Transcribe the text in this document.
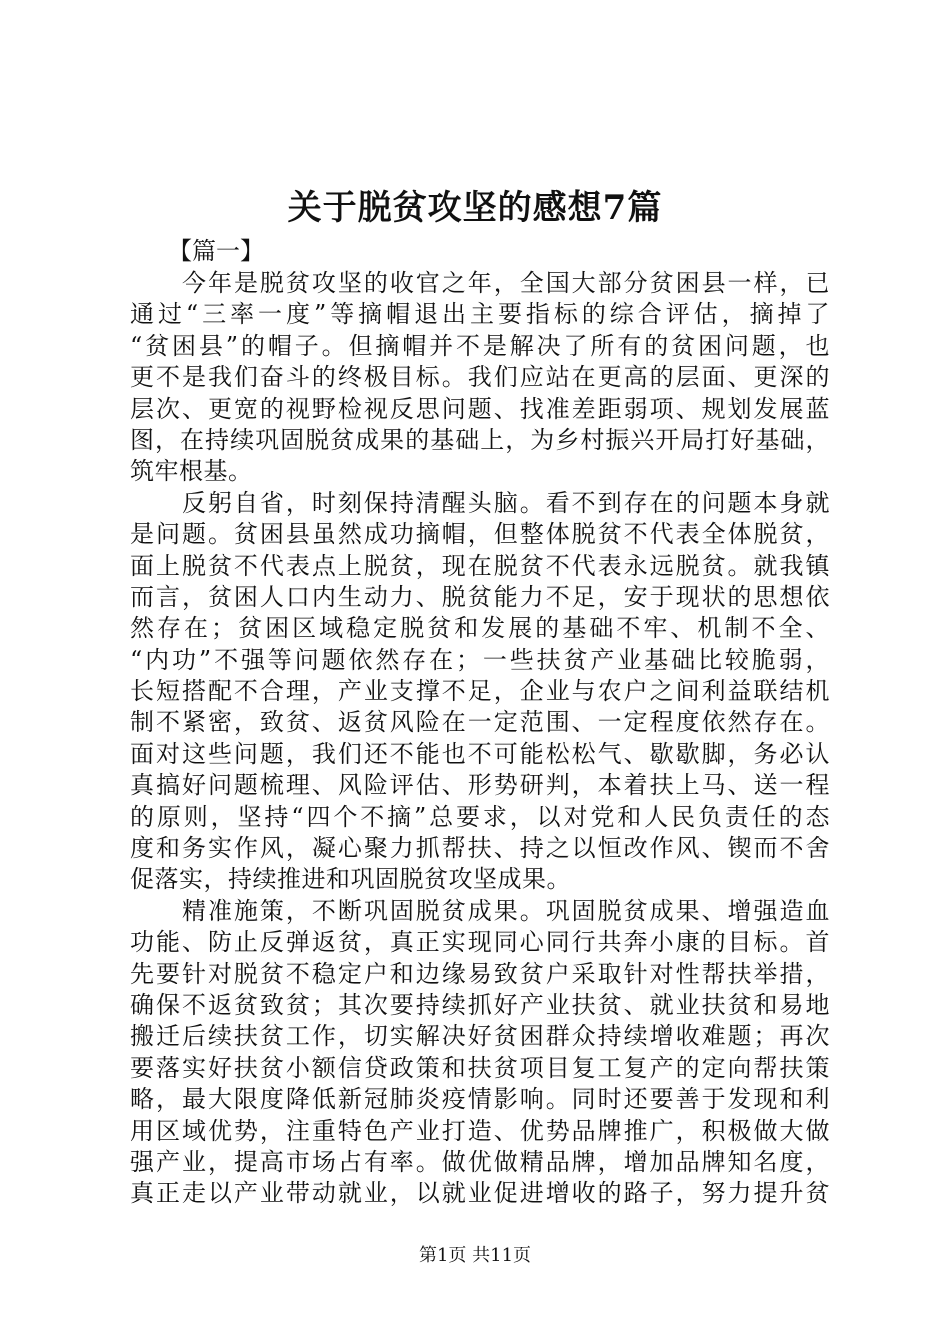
关于脱贫攻坚的感想7篇
【篇一】
今年是脱贫攻坚的收官之年，全国大部分贫困县一样，已
通过“三率一度”等摘帽退出主要指标的综合评估，摘掉了
“贫困县”的帽子。但摘帽并不是解决了所有的贫困问题，也
更不是我们奋斗的终极目标。我们应站在更高的层面、更深的
层次、更宽的视野检视反思问题、找准差距弱项、规划发展蓝
图，在持续巩固脱贫成果的基础上，为乡村振兴开局打好基础，
筑牢根基。
反躬自省，时刻保持清醒头脑。看不到存在的问题本身就
是问题。贫困县虽然成功摘帽，但整体脱贫不代表全体脱贫，
面上脱贫不代表点上脱贫，现在脱贫不代表永远脱贫。就我镇
而言，贫困人口内生动力、脱贫能力不足，安于现状的思想依
然存在；贫困区域稳定脱贫和发展的基础不牢、机制不全、
“内功”不强等问题依然存在；一些扶贫产业基础比较脆弱，
长短搭配不合理，产业支撑不足，企业与农户之间利益联结机
制不紧密，致贫、返贫风险在一定范围、一定程度依然存在。
面对这些问题，我们还不能也不可能松松气、歇歇脚，务必认
真搞好问题梳理、风险评估、形势研判，本着扶上马、送一程
的原则，坚持“四个不摘”总要求，以对党和人民负责任的态
度和务实作风，凝心聚力抓帮扶、持之以恒改作风、锲而不舍
促落实，持续推进和巩固脱贫攻坚成果。
精准施策，不断巩固脱贫成果。巩固脱贫成果、增强造血
功能、防止反弹返贫，真正实现同心同行共奔小康的目标。首
先要针对脱贫不稳定户和边缘易致贫户采取针对性帮扶举措，
确保不返贫致贫；其次要持续抓好产业扶贫、就业扶贫和易地
搬迁后续扶贫工作，切实解决好贫困群众持续增收难题；再次
要落实好扶贫小额信贷政策和扶贫项目复工复产的定向帮扶策
略，最大限度降低新冠肺炎疫情影响。同时还要善于发现和利
用区域优势，注重特色产业打造、优势品牌推广，积极做大做
强产业，提高市场占有率。做优做精品牌，增加品牌知名度，
真正走以产业带动就业，以就业促进增收的路子，努力提升贫
第1页 共11页
